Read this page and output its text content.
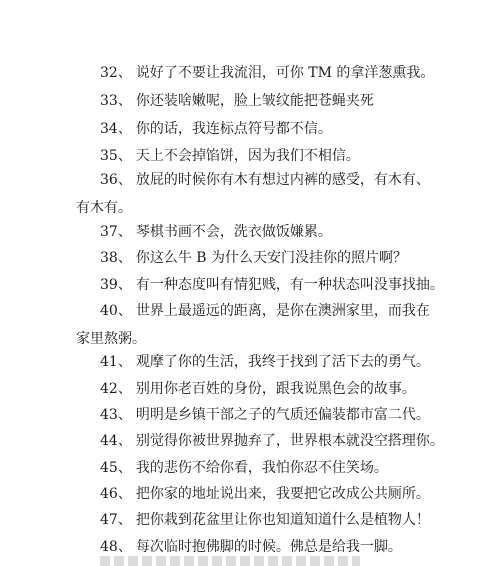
32、 说好了不要让我流泪，可你 TM 的拿洋葱熏我。

33、 你还装啥嫩呢，脸上皱纹能把苍蝇夹死

34、 你的话，我连标点符号都不信。

35、 天上不会掉馅饼，因为我们不相信。

36、 放屁的时候你有木有想过内裤的感受，有木有、有木有。

37、 琴棋书画不会，洗衣做饭嫌累。

38、 你这么牛 B 为什么天安门没挂你的照片啊？

39、 有一种态度叫有情犯贱，有一种状态叫没事找抽。

40、 世界上最遥远的距离，是你在澳洲家里，而我在家里熬粥。

41、 观摩了你的生活，我终于找到了活下去的勇气。

42、 别用你老百姓的身份，跟我说黑色会的故事。

43、 明明是乡镇干部之子的气质还偏装都市富二代。

44、 别觉得你被世界抛弃了，世界根本就没空搭理你。

45、 我的悲伤不给你看，我怕你忍不住笑场。

46、 把你家的地址说出来，我要把它改成公共厕所。

47、 把你栽到花盆里让你也知道知道什么是植物人！

48、 每次临时抱佛脚的时候。佛总是给我一脚。
